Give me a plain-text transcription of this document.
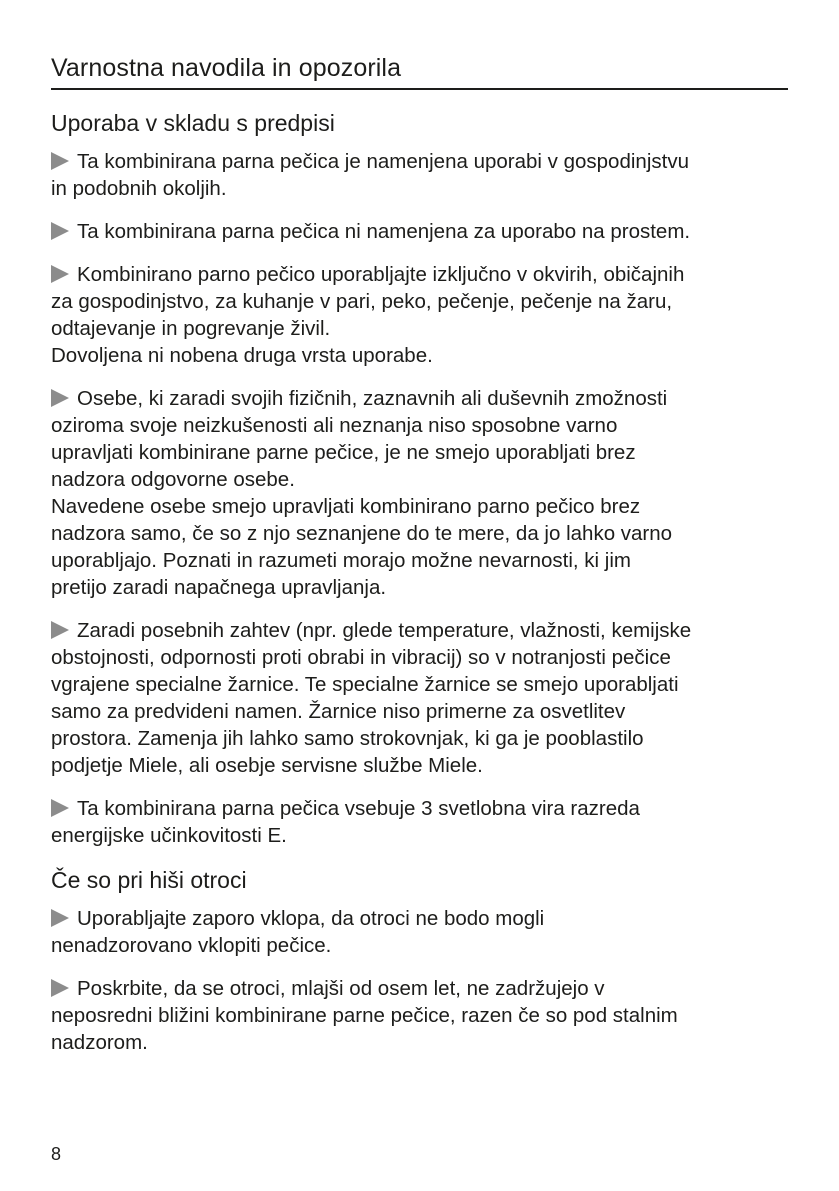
Varnostna navodila in opozorila
Uporaba v skladu s predpisi
Ta kombinirana parna pečica je namenjena uporabi v gospodinjstvu
in podobnih okoljih.
Ta kombinirana parna pečica ni namenjena za uporabo na prostem.
Kombinirano parno pečico uporabljajte izključno v okvirih, običajnih
za gospodinjstvo, za kuhanje v pari, peko, pečenje, pečenje na žaru,
odtajevanje in pogrevanje živil.
Dovoljena ni nobena druga vrsta uporabe.
Osebe, ki zaradi svojih fizičnih, zaznavnih ali duševnih zmožnosti
oziroma svoje neizkušenosti ali neznanja niso sposobne varno
upravljati kombinirane parne pečice, je ne smejo uporabljati brez
nadzora odgovorne osebe.
Navedene osebe smejo upravljati kombinirano parno pečico brez
nadzora samo, če so z njo seznanjene do te mere, da jo lahko varno
uporabljajo. Poznati in razumeti morajo možne nevarnosti, ki jim
pretijo zaradi napačnega upravljanja.
Zaradi posebnih zahtev (npr. glede temperature, vlažnosti, kemijske
obstojnosti, odpornosti proti obrabi in vibracij) so v notranjosti pečice
vgrajene specialne žarnice. Te specialne žarnice se smejo uporabljati
samo za predvideni namen. Žarnice niso primerne za osvetlitev
prostora. Zamenja jih lahko samo strokovnjak, ki ga je pooblastilo
podjetje Miele, ali osebje servisne službe Miele.
Ta kombinirana parna pečica vsebuje 3 svetlobna vira razreda
energijske učinkovitosti E.
Če so pri hiši otroci
Uporabljajte zaporo vklopa, da otroci ne bodo mogli
nenadzorovano vklopiti pečice.
Poskrbite, da se otroci, mlajši od osem let, ne zadržujejo v
neposredni bližini kombinirane parne pečice, razen če so pod stalnim
nadzorom.
8
